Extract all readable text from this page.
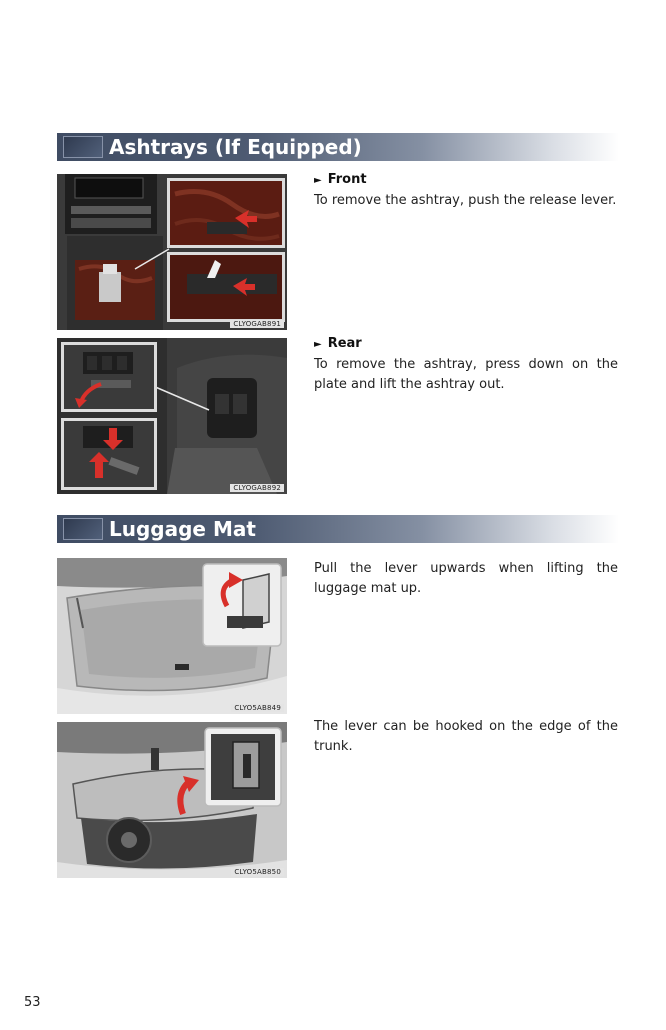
Ashtrays (If Equipped)
CLYOGAB891
► Front
To remove the ashtray, push the release lever.
CLYOGAB892
► Rear
To remove the ashtray, press down on the plate and lift the ashtray out.
Luggage Mat
CLYO5AB849
Pull the lever upwards when lifting the luggage mat up.
CLYO5AB850
The lever can be hooked on the edge of the trunk.
53
